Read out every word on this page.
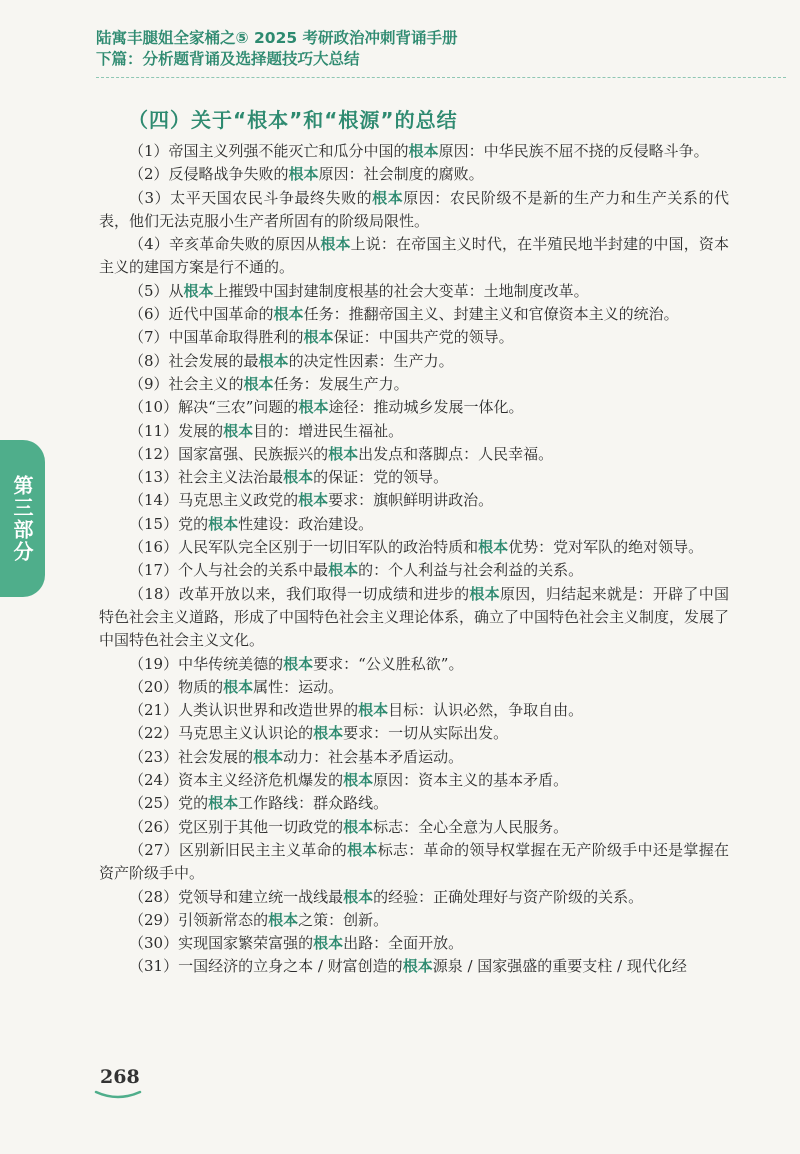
陆寓丰腿姐全家桶之⑤ 2025 考研政治冲刺背诵手册
下篇：分析题背诵及选择题技巧大总结
（四）关于“根本”和“根源”的总结

（1）帝国主义列强不能灭亡和瓜分中国的根本原因：中华民族不屈不挠的反侵略斗争。

（2）反侵略战争失败的根本原因：社会制度的腐败。

（3）太平天国农民斗争最终失败的根本原因：农民阶级不是新的生产力和生产关系的代表，他们无法克服小生产者所固有的阶级局限性。

（4）辛亥革命失败的原因从根本上说：在帝国主义时代，在半殖民地半封建的中国，资本主义的建国方案是行不通的。

（5）从根本上摧毁中国封建制度根基的社会大变革：土地制度改革。

（6）近代中国革命的根本任务：推翻帝国主义、封建主义和官僚资本主义的统治。

（7）中国革命取得胜利的根本保证：中国共产党的领导。

（8）社会发展的最根本的决定性因素：生产力。

（9）社会主义的根本任务：发展生产力。

（10）解决“三农”问题的根本途径：推动城乡发展一体化。

（11）发展的根本目的：增进民生福祉。

（12）国家富强、民族振兴的根本出发点和落脚点：人民幸福。

（13）社会主义法治最根本的保证：党的领导。

（14）马克思主义政党的根本要求：旗帜鲜明讲政治。

（15）党的根本性建设：政治建设。

（16）人民军队完全区别于一切旧军队的政治特质和根本优势：党对军队的绝对领导。

（17）个人与社会的关系中最根本的：个人利益与社会利益的关系。

（18）改革开放以来，我们取得一切成绩和进步的根本原因，归结起来就是：开辟了中国特色社会主义道路，形成了中国特色社会主义理论体系，确立了中国特色社会主义制度，发展了中国特色社会主义文化。

（19）中华传统美德的根本要求：“公义胜私欲”。

（20）物质的根本属性：运动。

（21）人类认识世界和改造世界的根本目标：认识必然，争取自由。

（22）马克思主义认识论的根本要求：一切从实际出发。

（23）社会发展的根本动力：社会基本矛盾运动。

（24）资本主义经济危机爆发的根本原因：资本主义的基本矛盾。

（25）党的根本工作路线：群众路线。

（26）党区别于其他一切政党的根本标志：全心全意为人民服务。

（27）区别新旧民主主义革命的根本标志：革命的领导权掌握在无产阶级手中还是掌握在资产阶级手中。

（28）党领导和建立统一战线最根本的经验：正确处理好与资产阶级的关系。

（29）引领新常态的根本之策：创新。

（30）实现国家繁荣富强的根本出路：全面开放。

（31）一国经济的立身之本 / 财富创造的根本源泉 / 国家强盛的重要支柱 / 现代化经

第三部分
268
